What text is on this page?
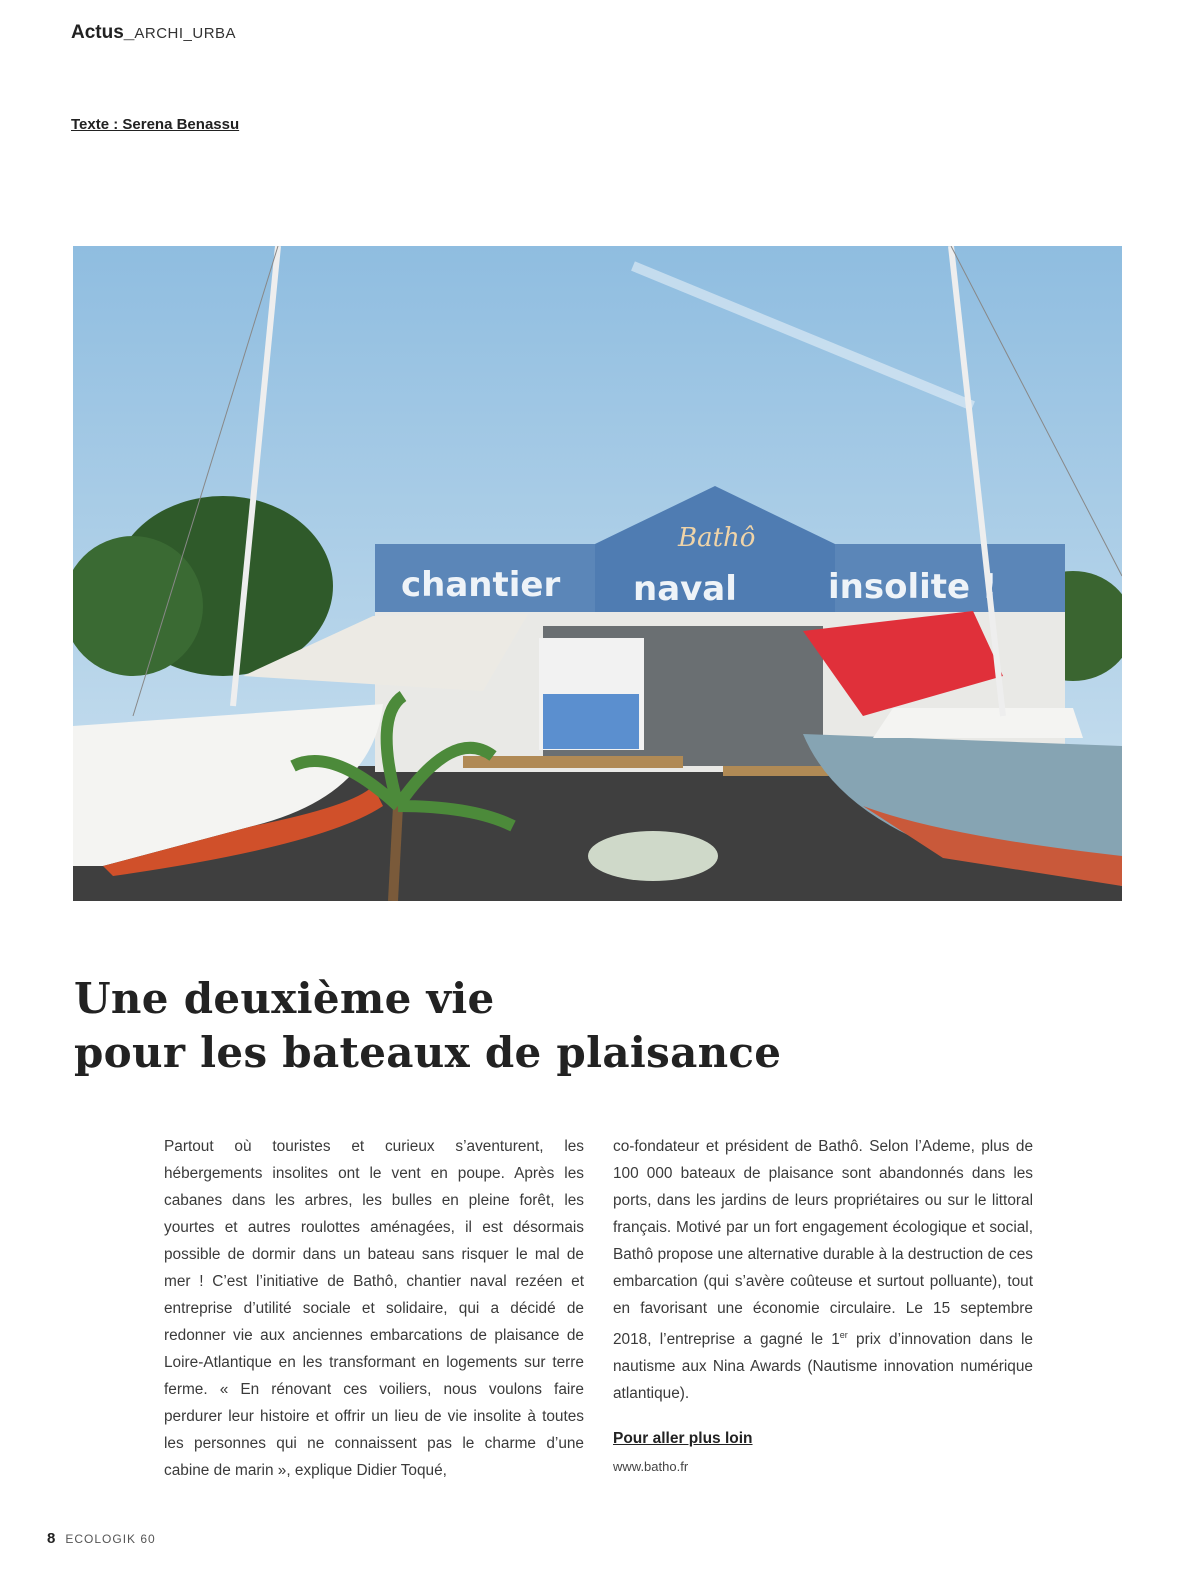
Actus_ARCHI_URBA
Texte : Serena Benassu
Bathô
chantier naval	insolite !
Une deuxième vie
pour les bateaux de plaisance
Partout où touristes et curieux s’aventurent, les hébergements insolites ont le vent en poupe. Après les cabanes dans les arbres, les bulles en pleine forêt, les yourtes et autres roulottes aménagées, il est désormais possible de dormir dans un bateau sans risquer le mal de mer ! C’est l’initiative de Bathô, chantier naval rezéen et entreprise d’utilité sociale et solidaire, qui a décidé de redonner vie aux anciennes embarcations de plaisance de Loire-Atlantique en les transformant en logements sur terre ferme. « En rénovant ces voiliers, nous voulons faire perdurer leur histoire et offrir un lieu de vie insolite à toutes les personnes qui ne connaissent pas le charme d’une cabine de marin », explique Didier Toqué,
co-fondateur et président de Bathô. Selon l’Ademe, plus de 100 000 bateaux de plaisance sont abandonnés dans les ports, dans les jardins de leurs propriétaires ou sur le littoral français. Motivé par un fort engagement écologique et social, Bathô propose une alternative durable à la destruction de ces embarcation (qui s’avère coûteuse et surtout polluante), tout en favorisant une économie circulaire. Le 15 septembre 2018, l’entreprise a gagné le 1er prix d’innovation dans le nautisme aux Nina Awards (Nautisme innovation numérique atlantique).
Pour aller plus loin
www.batho.fr
8 ECOLOGIK 60
